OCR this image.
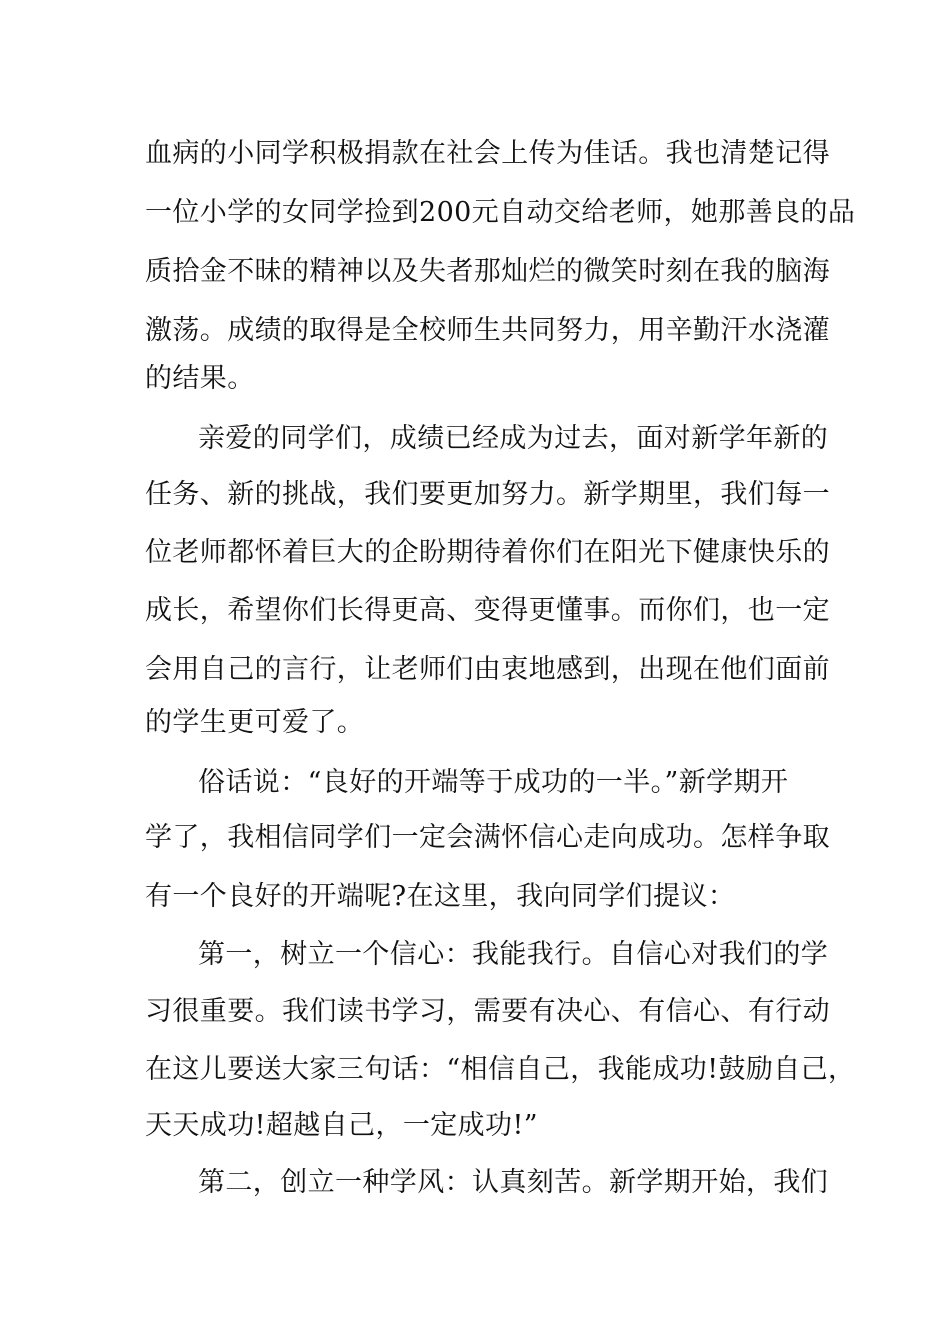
血病的小同学积极捐款在社会上传为佳话。我也清楚记得
一位小学的女同学捡到200元自动交给老师，她那善良的品
质拾金不昧的精神以及失者那灿烂的微笑时刻在我的脑海
激荡。成绩的取得是全校师生共同努力，用辛勤汗水浇灌
的结果。
亲爱的同学们，成绩已经成为过去，面对新学年新的
任务、新的挑战，我们要更加努力。新学期里，我们每一
位老师都怀着巨大的企盼期待着你们在阳光下健康快乐的
成长，希望你们长得更高、变得更懂事。而你们，也一定
会用自己的言行，让老师们由衷地感到，出现在他们面前
的学生更可爱了。
俗话说：“良好的开端等于成功的一半。”新学期开
学了，我相信同学们一定会满怀信心走向成功。怎样争取
有一个良好的开端呢?在这里，我向同学们提议：
第一，树立一个信心：我能我行。自信心对我们的学
习很重要。我们读书学习，需要有决心、有信心、有行动
在这儿要送大家三句话：“相信自己，我能成功!鼓励自己，
天天成功!超越自己，一定成功!”
第二，创立一种学风：认真刻苦。新学期开始，我们
